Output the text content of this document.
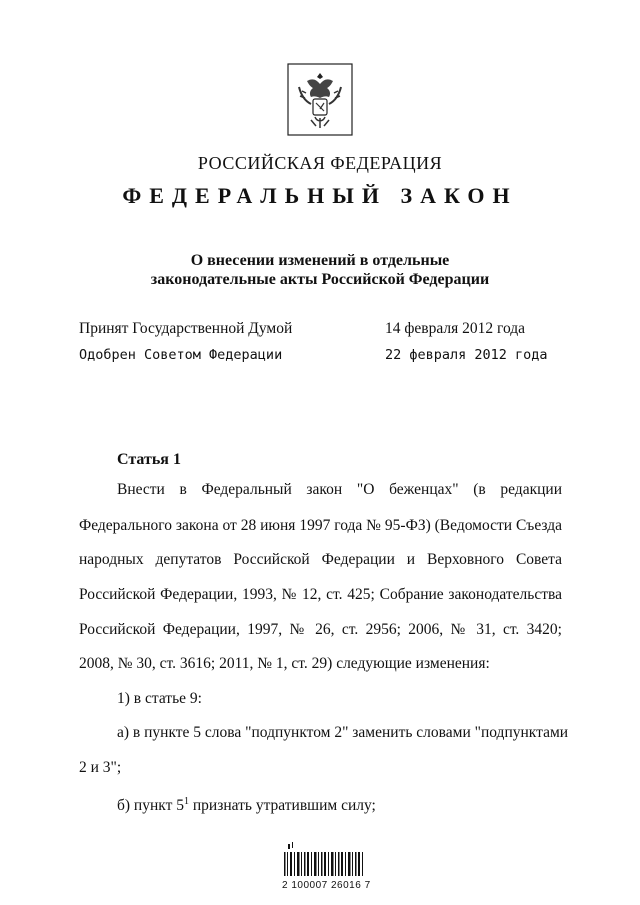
РОССИЙСКАЯ ФЕДЕРАЦИЯ
ФЕДЕРАЛЬНЫЙ ЗАКОН
О внесении изменений в отдельные
законодательные акты Российской Федерации
Принят Государственной Думой	14 февраля 2012 года
Одобрен Советом Федерации	22 февраля 2012 года
Статья 1
Внести в Федеральный закон "О беженцах" (в редакции
Федерального закона от 28 июня 1997 года № 95-ФЗ) (Ведомости Съезда
народных депутатов Российской Федерации и Верховного Совета
Российской Федерации, 1993, № 12, ст. 425; Собрание законодательства
Российской Федерации, 1997, № 26, ст. 2956; 2006, № 31, ст. 3420;
2008, № 30, ст. 3616; 2011, № 1, ст. 29) следующие изменения:
1) в статье 9:
а) в пункте 5 слова "подпунктом 2" заменить словами "подпунктами
2 и 3";
б) пункт $5^1$ признать утратившим силу;
2 100007 26016 7
